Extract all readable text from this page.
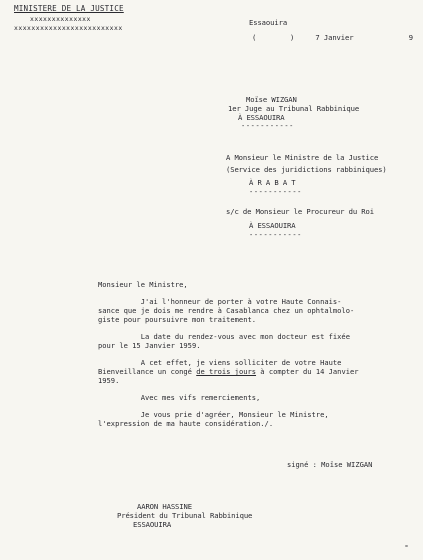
MINISTERE DE LA JUSTICE
xxxxxxxxxxxxxx
xxxxxxxxxxxxxxxxxxxxxxxxx
Essaouira
(        )     7 Janvier	9
Moïse WIZGAN
1er Juge au Tribunal Rabbinique
À ESSAOUIRA
-----------
A Monsieur le Ministre de la Justice
(Service des juridictions rabbiniques)
À R A B A T
-----------
s/c de Monsieur le Procureur du Roi
À ESSAOUIRA
-----------
Monsieur le Ministre,
J'ai l'honneur de porter à votre Haute Connais-
sance que je dois me rendre à Casablanca chez un ophtalmolo-
giste pour poursuivre mon traitement.
La date du rendez-vous avec mon docteur est fixée
pour le 15 Janvier 1959.
A cet effet, je viens solliciter de votre Haute
Bienveillance un congé de trois jours à compter du 14 Janvier
1959.
Avec mes vifs remerciements,
Je vous prie d'agréer, Monsieur le Ministre,
l'expression de ma haute considération./.
signé : Moïse WIZGAN
AARON HASSINE
Président du Tribunal Rabbinique
ESSAOUIRA
